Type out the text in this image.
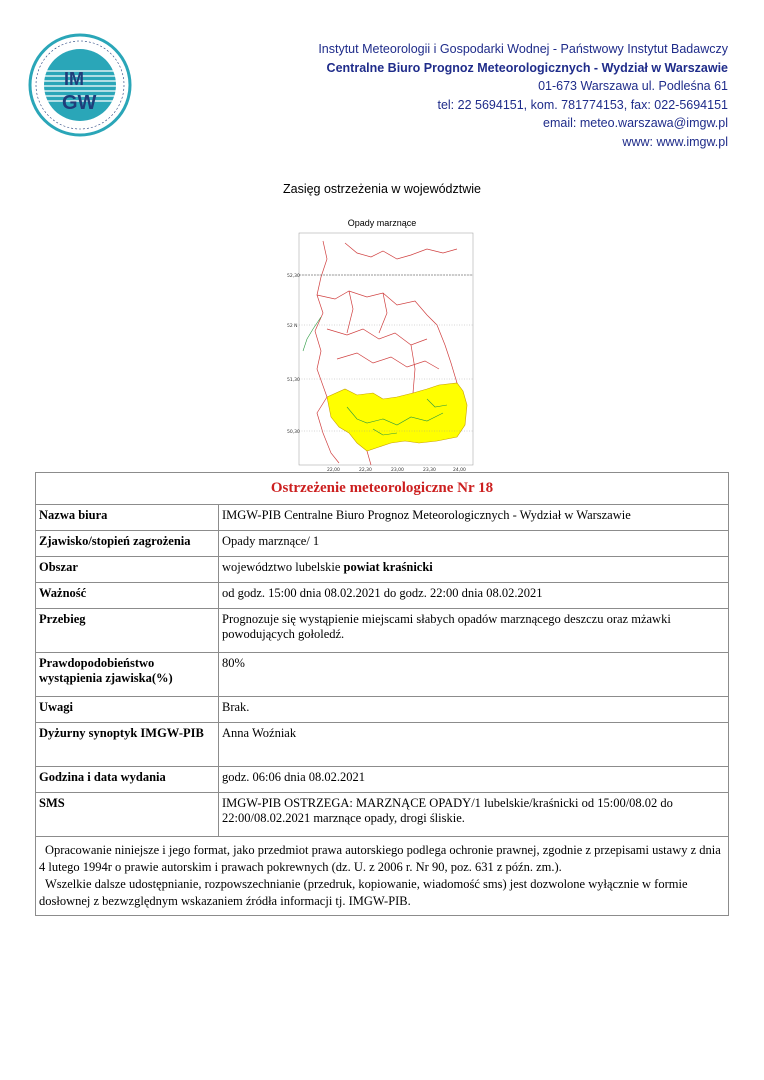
IM
GW
Instytut Meteorologii i Gospodarki Wodnej - Państwowy Instytut Badawczy
Centralne Biuro Prognoz Meteorologicznych - Wydział w Warszawie
01-673 Warszawa ul. Podleśna 61
tel: 22 5694151, kom. 781774153, fax: 022-5694151
email: meteo.warszawa@imgw.pl
www: www.imgw.pl
Zasięg ostrzeżenia w województwie
Opady marznące
52,30
52 N
51,30
50,30
22,00	22,30	23,00	23,30	24,00
Ostrzeżenie meteorologiczne Nr 18	
Nazwa biura	IMGW-PIB Centralne Biuro Prognoz Meteorologicznych - Wydział w Warszawie
Zjawisko/stopień zagrożenia	Opady marznące/ 1
Obszar	województwo lubelskie powiat kraśnicki
Ważność	od godz. 15:00 dnia 08.02.2021 do godz. 22:00 dnia 08.02.2021
Przebieg	Prognozuje się wystąpienie miejscami słabych opadów marznącego deszczu oraz mżawki powodujących gołoledź.
Prawdopodobieństwo wystąpienia zjawiska(%)	80%
Uwagi	Brak.
Dyżurny synoptyk IMGW-PIB	Anna Woźniak
Godzina i data wydania	godz. 06:06 dnia 08.02.2021
SMS	IMGW-PIB OSTRZEGA: MARZNĄCE OPADY/1 lubelskie/kraśnicki od 15:00/08.02 do 22:00/08.02.2021 marznące opady, drogi śliskie.

Opracowanie niniejsze i jego format, jako przedmiot prawa autorskiego podlega ochronie prawnej, zgodnie z przepisami ustawy z dnia 4 lutego 1994r o prawie autorskim i prawach pokrewnych (dz. U. z 2006 r. Nr 90, poz. 631 z późn. zm.).
Wszelkie dalsze udostępnianie, rozpowszechnianie (przedruk, kopiowanie, wiadomość sms) jest dozwolone wyłącznie w formie dosłownej z bezwzględnym wskazaniem źródła informacji tj. IMGW-PIB.	
